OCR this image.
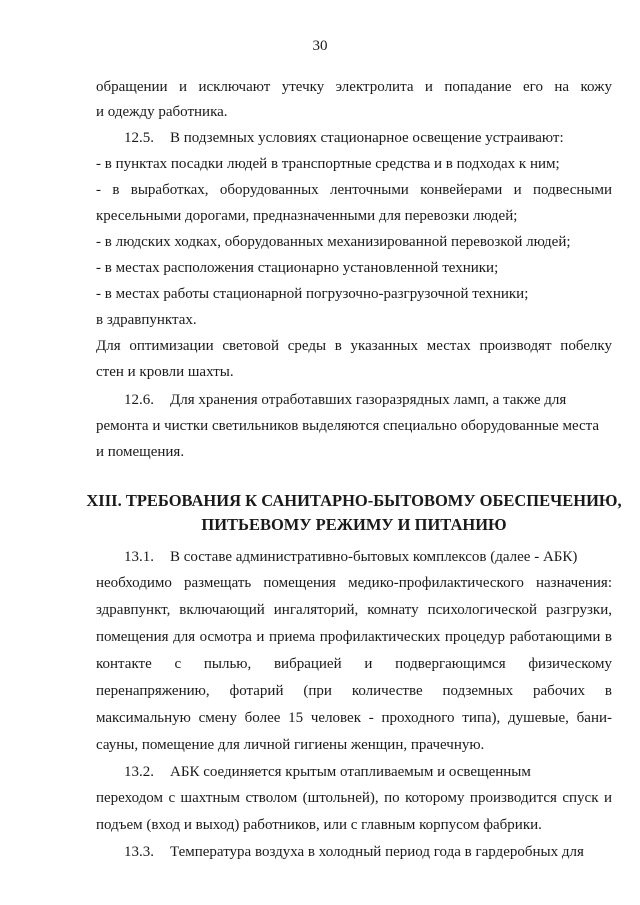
30
обращении и исключают утечку электролита и попадание его на кожу
и одежду работника.
12.5. В подземных условиях стационарное освещение устраивают:
- в пунктах посадки людей в транспортные средства и в подходах к ним;
- в выработках, оборудованных ленточными конвейерами и подвесными
кресельными дорогами, предназначенными для перевозки людей;
- в людских ходках, оборудованных механизированной перевозкой людей;
- в местах расположения стационарно установленной техники;
- в местах работы стационарной погрузочно-разгрузочной техники;
в здравпунктах.
Для оптимизации световой среды в указанных местах производят побелку
стен и кровли шахты.
12.6. Для хранения отработавших газоразрядных ламп, а также для
ремонта и чистки светильников выделяются специально оборудованные места
и помещения.
XIII. ТРЕБОВАНИЯ К САНИТАРНО-БЫТОВОМУ ОБЕСПЕЧЕНИЮ,
ПИТЬЕВОМУ РЕЖИМУ И ПИТАНИЮ
13.1. В составе административно-бытовых комплексов (далее - АБК)
необходимо размещать помещения медико-профилактического назначения:
здравпункт, включающий ингаляторий, комнату психологической разгрузки,
помещения для осмотра и приема профилактических процедур работающими в
контакте с пылью, вибрацией и подвергающимся физическому
перенапряжению, фотарий (при количестве подземных рабочих в
максимальную смену более 15 человек - проходного типа), душевые, бани-
сауны, помещение для личной гигиены женщин, прачечную.
13.2. АБК соединяется крытым отапливаемым и освещенным
переходом с шахтным стволом (штольней), по которому производится спуск и
подъем (вход и выход) работников, или с главным корпусом фабрики.
13.3. Температура воздуха в холодный период года в гардеробных для
